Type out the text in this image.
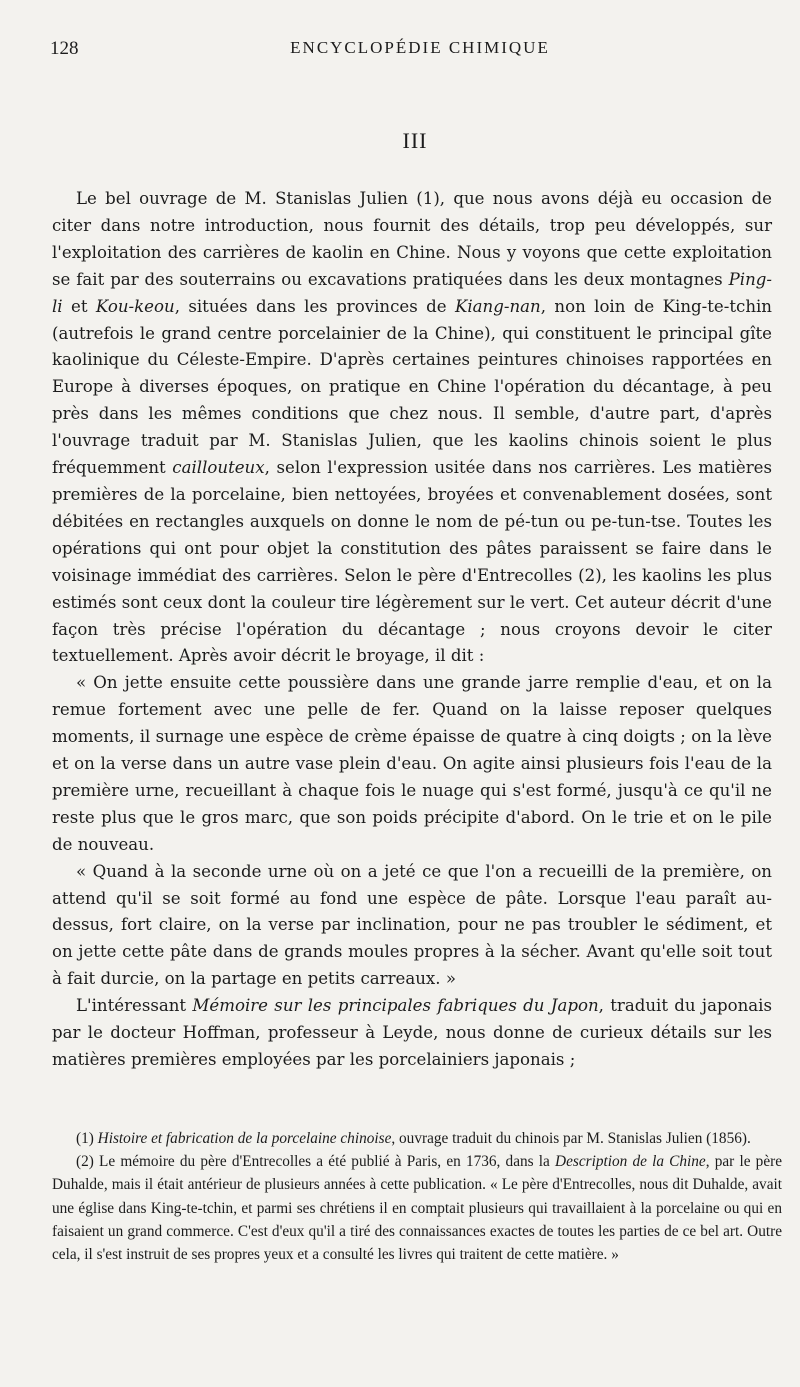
128	ENCYCLOPÉDIE CHIMIQUE
III

Le bel ouvrage de M. Stanislas Julien (1), que nous avons déjà eu occasion de citer dans notre introduction, nous fournit des détails, trop peu développés, sur l'exploitation des carrières de kaolin en Chine. Nous y voyons que cette exploitation se fait par des souterrains ou excavations pratiquées dans les deux montagnes Ping-li et Kou-keou, situées dans les provinces de Kiang-nan, non loin de King-te-tchin (autrefois le grand centre porcelainier de la Chine), qui constituent le principal gîte kaolinique du Céleste-Empire. D'après certaines peintures chinoises rapportées en Europe à diverses époques, on pratique en Chine l'opération du décantage, à peu près dans les mêmes conditions que chez nous. Il semble, d'autre part, d'après l'ouvrage traduit par M. Stanislas Julien, que les kaolins chinois soient le plus fréquemment caillouteux, selon l'expression usitée dans nos carrières. Les matières premières de la porcelaine, bien nettoyées, broyées et convenablement dosées, sont débitées en rectangles auxquels on donne le nom de pé-tun ou pe-tun-tse. Toutes les opérations qui ont pour objet la constitution des pâtes paraissent se faire dans le voisinage immédiat des carrières. Selon le père d'Entrecolles (2), les kaolins les plus estimés sont ceux dont la couleur tire légèrement sur le vert. Cet auteur décrit d'une façon très précise l'opération du décantage ; nous croyons devoir le citer textuellement. Après avoir décrit le broyage, il dit :

« On jette ensuite cette poussière dans une grande jarre remplie d'eau, et on la remue fortement avec une pelle de fer. Quand on la laisse reposer quelques moments, il surnage une espèce de crème épaisse de quatre à cinq doigts ; on la lève et on la verse dans un autre vase plein d'eau. On agite ainsi plusieurs fois l'eau de la première urne, recueillant à chaque fois le nuage qui s'est formé, jusqu'à ce qu'il ne reste plus que le gros marc, que son poids précipite d'abord. On le trie et on le pile de nouveau.

« Quand à la seconde urne où on a jeté ce que l'on a recueilli de la première, on attend qu'il se soit formé au fond une espèce de pâte. Lorsque l'eau paraît au-dessus, fort claire, on la verse par inclination, pour ne pas troubler le sédiment, et on jette cette pâte dans de grands moules propres à la sécher. Avant qu'elle soit tout à fait durcie, on la partage en petits carreaux. »

L'intéressant Mémoire sur les principales fabriques du Japon, traduit du japonais par le docteur Hoffman, professeur à Leyde, nous donne de curieux détails sur les matières premières employées par les porcelainiers japonais ;

(1) Histoire et fabrication de la porcelaine chinoise, ouvrage traduit du chinois par M. Stanislas Julien (1856).

(2) Le mémoire du père d'Entrecolles a été publié à Paris, en 1736, dans la Description de la Chine, par le père Duhalde, mais il était antérieur de plusieurs années à cette publication. « Le père d'Entrecolles, nous dit Duhalde, avait une église dans King-te-tchin, et parmi ses chrétiens il en comptait plusieurs qui travaillaient à la porcelaine ou qui en faisaient un grand commerce. C'est d'eux qu'il a tiré des connaissances exactes de toutes les parties de ce bel art. Outre cela, il s'est instruit de ses propres yeux et a consulté les livres qui traitent de cette matière. »
